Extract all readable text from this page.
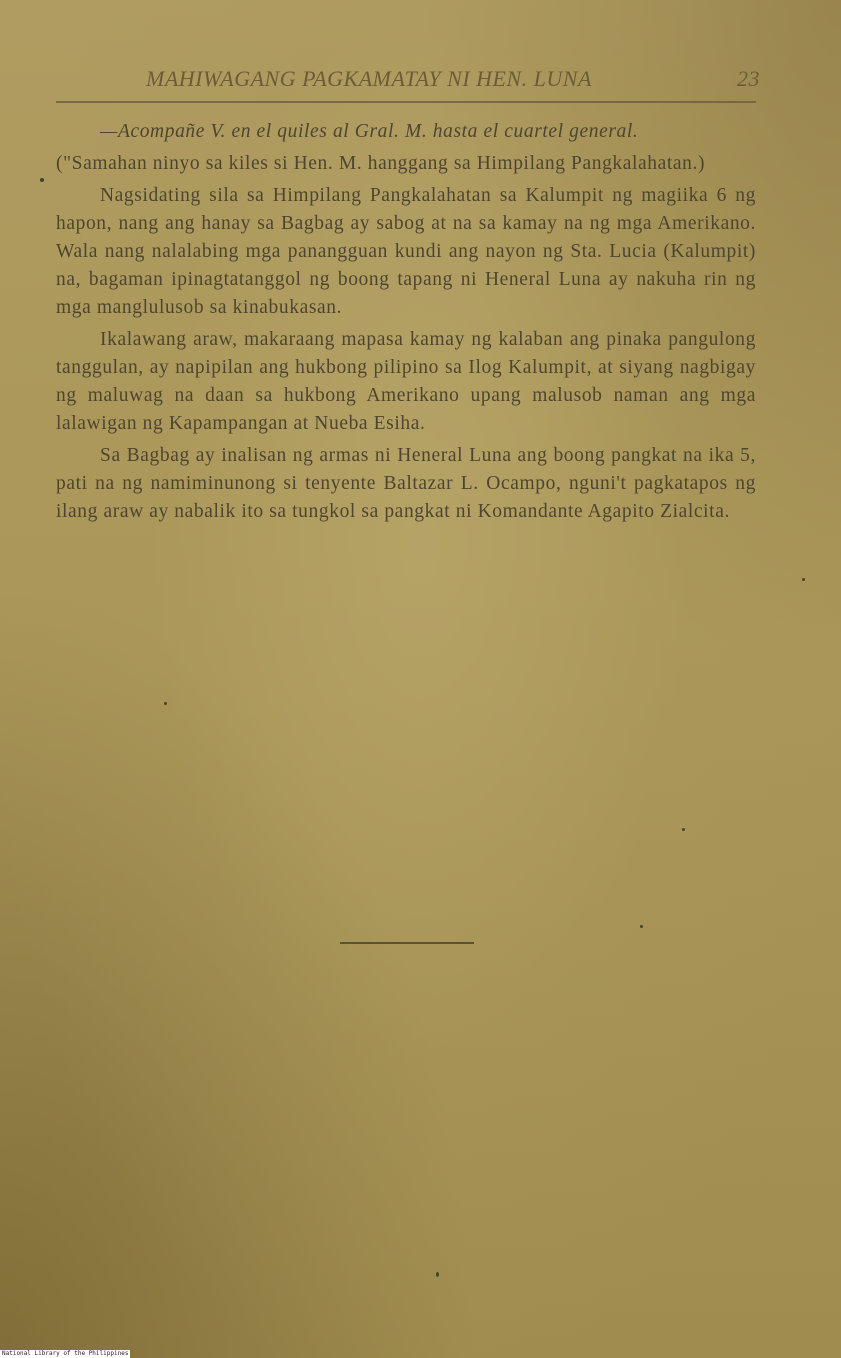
MAHIWAGANG PAGKAMATAY NI HEN. LUNA	23

—Acompañe V. en el quiles al Gral. M. hasta el cuartel general.

("Samahan ninyo sa kiles si Hen. M. hanggang sa Himpilang Pangkalahatan.)

Nagsidating sila sa Himpilang Pangkalahatan sa Kalumpit ng magiika 6 ng hapon, nang ang hanay sa Bagbag ay sabog at na sa kamay na ng mga Amerikano. Wala nang nalalabing mga panangguan kundi ang nayon ng Sta. Lucia (Kalumpit) na, bagaman ipinagtatanggol ng boong tapang ni Heneral Luna ay nakuha rin ng mga manglulusob sa kinabukasan.

Ikalawang araw, makaraang mapasa kamay ng kalaban ang pinaka pangulong tanggulan, ay napipilan ang hukbong pilipino sa Ilog Kalumpit, at siyang nagbigay ng maluwag na daan sa hukbong Amerikano upang malusob naman ang mga lalawigan ng Kapampangan at Nueba Esiha.

Sa Bagbag ay inalisan ng armas ni Heneral Luna ang boong pangkat na ika 5, pati na ng namiminunong si tenyente Baltazar L. Ocampo, nguni't pagkatapos ng ilang araw ay nabalik ito sa tungkol sa pangkat ni Komandante Agapito Zialcita.

National Library of the Philippines
